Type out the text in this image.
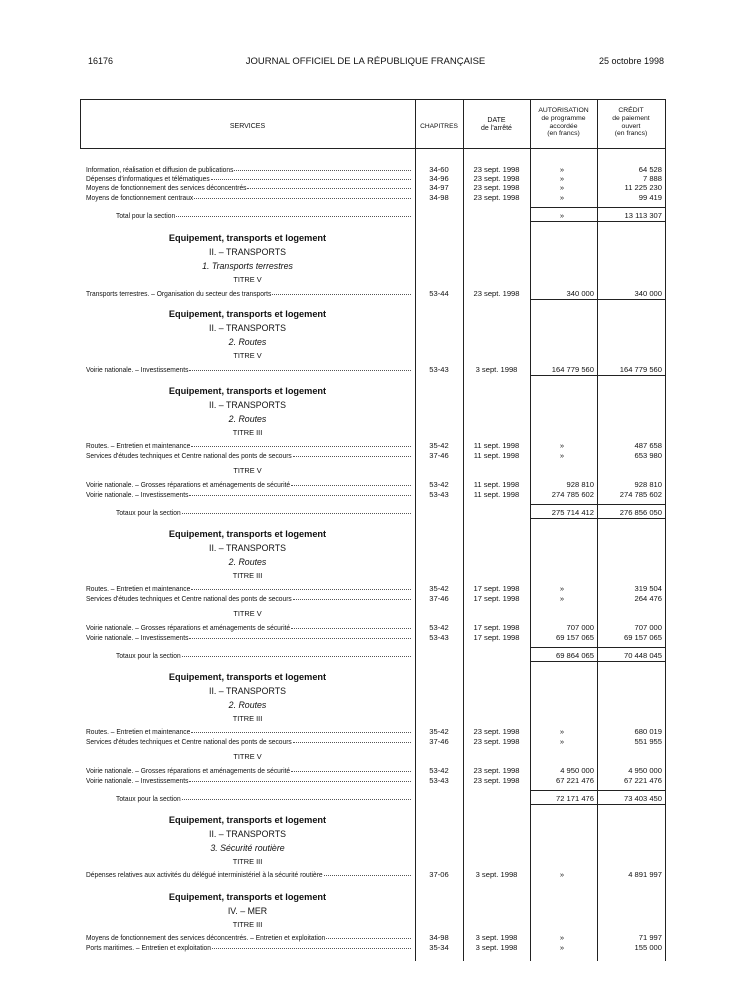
16176	JOURNAL OFFICIEL DE LA RÉPUBLIQUE FRANÇAISE	25 octobre 1998
SERVICES	CHAPITRES
DATE
de l'arrêté
AUTORISATION
de programme
accordée
(en francs)
CRÉDIT
de paiement
ouvert
(en francs)
Information, réalisation et diffusion de publications	34-60	23 sept. 1998	»	64 528
Dépenses d'informatiques et télématiques	34-96	23 sept. 1998	»	7 888
Moyens de fonctionnement des services déconcentrés	34-97	23 sept. 1998	»	11 225 230
Moyens de fonctionnement centraux	34-98	23 sept. 1998	»	99 419
Total pour la section	»	13 113 307
Equipement, transports et logement
II. – TRANSPORTS
1. Transports terrestres
TITRE V
Transports terrestres. – Organisation du secteur des transports	53-44	23 sept. 1998	340 000	340 000
Equipement, transports et logement
II. – TRANSPORTS
2. Routes
TITRE V
Voirie nationale. – Investissements	53-43	3 sept. 1998	164 779 560	164 779 560
Equipement, transports et logement
II. – TRANSPORTS
2. Routes
TITRE III
Routes. – Entretien et maintenance	35-42	11 sept. 1998	»	487 658
Services d'études techniques et Centre national des ponts de secours	37-46	11 sept. 1998	»	653 980
TITRE V
Voirie nationale. – Grosses réparations et aménagements de sécurité	53-42	11 sept. 1998	928 810	928 810
Voirie nationale. – Investissements	53-43	11 sept. 1998	274 785 602	274 785 602
Totaux pour la section	275 714 412	276 856 050
Equipement, transports et logement
II. – TRANSPORTS
2. Routes
TITRE III
Routes. – Entretien et maintenance	35-42	17 sept. 1998	»	319 504
Services d'études techniques et Centre national des ponts de secours	37-46	17 sept. 1998	»	264 476
TITRE V
Voirie nationale. – Grosses réparations et aménagements de sécurité	53-42	17 sept. 1998	707 000	707 000
Voirie nationale. – Investissements	53-43	17 sept. 1998	69 157 065	69 157 065
Totaux pour la section	69 864 065	70 448 045
Equipement, transports et logement
II. – TRANSPORTS
2. Routes
TITRE III
Routes. – Entretien et maintenance	35-42	23 sept. 1998	»	680 019
Services d'études techniques et Centre national des ponts de secours	37-46	23 sept. 1998	»	551 955
TITRE V
Voirie nationale. – Grosses réparations et aménagements de sécurité	53-42	23 sept. 1998	4 950 000	4 950 000
Voirie nationale. – Investissements	53-43	23 sept. 1998	67 221 476	67 221 476
Totaux pour la section	72 171 476	73 403 450
Equipement, transports et logement
II. – TRANSPORTS
3. Sécurité routière
TITRE III
Dépenses relatives aux activités du délégué interministériel à la sécurité routière	37-06	3 sept. 1998	»	4 891 997
Equipement, transports et logement
IV. – MER
TITRE III
Moyens de fonctionnement des services déconcentrés. – Entretien et exploitation	34-98	3 sept. 1998	»	71 997
Ports maritimes. – Entretien et exploitation	35-34	3 sept. 1998	»	155 000
